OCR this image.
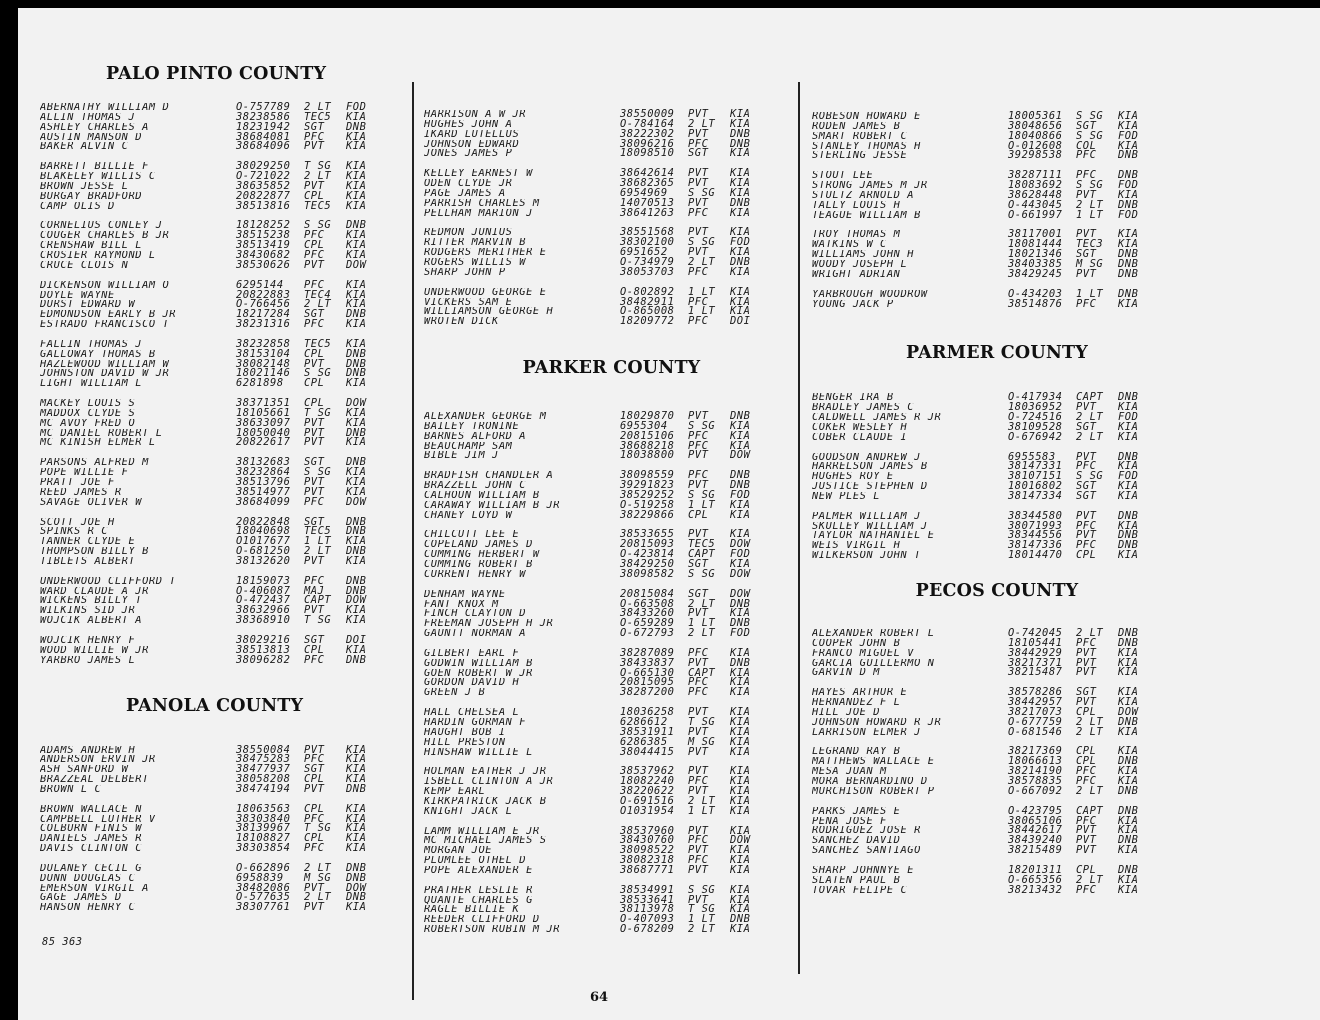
PALO PINTO COUNTY
ABERNATHY WILLIAM D	O-757789	2 LT	FOD
ALLIN THOMAS J	38238586	TEC5	KIA
ASHLEY CHARLES A	18231942	SGT	DNB
AUSTIN MANSON D	38684081	PFC	KIA
BAKER ALVIN C	38684096	PVT	KIA
BARRETT BILLIE F	38029250	T SG	KIA
BLAKELEY WILLIS C	O-721022	2 LT	KIA
BROWN JESSE L	38635852	PVT	KIA
BURGAY BRADFORD	20822877	CPL	KIA
CAMP OLIS D	38513816	TEC5	KIA
CORNELIUS CONLEY J	18128252	S SG	DNB
COUGER CHARLES B JR	38515238	PFC	KIA
CRENSHAW BILL L	38513419	CPL	KIA
CROSIER RAYMOND L	38430682	PFC	KIA
CRUCE CLOIS N	38530626	PVT	DOW
DICKENSON WILLIAM O	6295144	PFC	KIA
DOYLE WAYNE	20822883	TEC4	KIA
DURST EDWARD W	O-766456	2 LT	KIA
EDMONDSON EARLY B JR	18217284	SGT	DNB
ESTRADO FRANCISCO T	38231316	PFC	KIA
FALLIN THOMAS J	38232858	TEC5	KIA
GALLOWAY THOMAS B	38153104	CPL	DNB
HAZLEWOOD WILLIAM W	38082148	PVT	DNB
JOHNSTON DAVID W JR	18021146	S SG	DNB
LIGHT WILLIAM L	6281898	CPL	KIA
MACKEY LOUIS S	38371351	CPL	DOW
MADDOX CLYDE S	18105661	T SG	KIA
MC AVOY FRED O	38633097	PVT	KIA
MC DANIEL ROBERT L	18050040	PVT	DNB
MC KINISH ELMER L	20822617	PVT	KIA
PARSONS ALFRED M	38132683	SGT	DNB
POPE WILLIE F	38232864	S SG	KIA
PRATT JOE F	38513796	PVT	KIA
REED JAMES R	38514977	PVT	KIA
SAVAGE OLIVER W	38684099	PFC	DOW
SCOTT JOE H	20822848	SGT	DNB
SPINKS R C	18040698	TEC5	DNB
TANNER CLYDE E	O1017677	1 LT	KIA
THOMPSON BILLY B	O-681250	2 LT	DNB
TIBLETS ALBERT	38132620	PVT	KIA
UNDERWOOD CLIFFORD T	18159073	PFC	DNB
WARD CLAUDE A JR	O-406087	MAJ	DNB
WICKENS BILLY T	O-472437	CAPT	DOW
WILKINS SID JR	38632966	PVT	KIA
WOJCIK ALBERT A	38368910	T SG	KIA
WOJCIK HENRY F	38029216	SGT	DOI
WOOD WILLIE W JR	38513813	CPL	KIA
YARBRO JAMES L	38096282	PFC	DNB
PANOLA COUNTY
ADAMS ANDREW H	38550084	PVT	KIA
ANDERSON ERVIN JR	38475283	PFC	KIA
ASH SANFORD W	38477937	SGT	KIA
BRAZZEAL DELBERT	38058208	CPL	KIA
BROWN L C	38474194	PVT	DNB
BROWN WALLACE N	18063563	CPL	KIA
CAMPBELL LUTHER V	38303840	PFC	KIA
COLBURN FINIS W	38139967	T SG	KIA
DANIELS JAMES R	18108827	CPL	KIA
DAVIS CLINTON C	38303854	PFC	KIA
DULANEY CECIL G	O-662896	2 LT	DNB
DUNN DOUGLAS C	6958839	M SG	DNB
EMERSON VIRGIL A	38482086	PVT	DOW
GAGE JAMES D	O-577635	2 LT	DNB
HANSON HENRY C	38307761	PVT	KIA
HARRISON A W JR	38550009	PVT	KIA
HUGHES JOHN A	O-784164	2 LT	KIA
IKARD LUTELLUS	38222302	PVT	DNB
JOHNSON EDWARD	38096216	PFC	DNB
JONES JAMES P	18098510	SGT	KIA
KELLEY EARNEST W	38642614	PVT	KIA
ODEN CLYDE JR	38682365	PVT	KIA
PAGE JAMES A	6954969	S SG	KIA
PARRISH CHARLES M	14070513	PVT	DNB
PELLHAM MARION J	38641263	PFC	KIA
REDMON JUNIUS	38551568	PVT	KIA
RITTER MARVIN B	38302100	S SG	FOD
RODGERS MERITHER E	6951652	PVT	KIA
ROGERS WILLIS W	O-734979	2 LT	DNB
SHARP JOHN P	38053703	PFC	KIA
UNDERWOOD GEORGE E	O-802892	1 LT	KIA
VICKERS SAM E	38482911	PFC	KIA
WILLIAMSON GEORGE H	O-865008	1 LT	KIA
WROTEN DICK	18209772	PFC	DOI
PARKER COUNTY
ALEXANDER GEORGE M	18029870	PVT	DNB
BAILEY TRONINE	6955304	S SG	KIA
BARNES ALFORD A	20815106	PFC	KIA
BEAUCHAMP SAM	38688218	PFC	KIA
BIBLE JIM J	18038800	PVT	DOW
BRADFISH CHANDLER A	38098559	PFC	DNB
BRAZZELL JOHN C	39291823	PVT	DNB
CALHOUN WILLIAM B	38529252	S SG	FOD
CARAWAY WILLIAM B JR	O-519258	1 LT	KIA
CHANEY LOYD W	38229866	CPL	KIA
CHILCUTT LEE E	38533655	PVT	KIA
COPELAND JAMES D	20815093	TEC5	DOW
CUMMING HERBERT W	O-423814	CAPT	FOD
CUMMING ROBERT B	38429250	SGT	KIA
CURRENT HENRY W	38098582	S SG	DOW
DENHAM WAYNE	20815084	SGT	DOW
FANT KNOX M	O-663508	2 LT	DNB
FINCH CLAYTON D	38433260	PVT	KIA
FREEMAN JOSEPH H JR	O-659289	1 LT	DNB
GAUNTT NORMAN A	O-672793	2 LT	FOD
GILBERT EARL F	38287089	PFC	KIA
GODWIN WILLIAM B	38433837	PVT	DNB
GOEN ROBERT W JR	O-665130	CAPT	KIA
GORDON DAVID H	20815095	PFC	KIA
GREEN J B	38287200	PFC	KIA
HALL CHELSEA L	18036258	PVT	KIA
HARDIN GORMAN F	6286612	T SG	KIA
HAUGHT BOB I	38531911	PVT	KIA
HILL PRESTON	6286385	M SG	KIA
HINSHAW WILLIE L	38044415	PVT	KIA
HOLMAN EATHER J JR	38537962	PVT	KIA
ISBELL CLINTON A JR	18082240	PFC	KIA
KEMP EARL	38220622	PVT	KIA
KIRKPATRICK JACK B	O-691516	2 LT	KIA
KNIGHT JACK L	O1031954	1 LT	KIA
LAMM WILLIAM E JR	38537960	PVT	KIA
MC MICHAEL JAMES S	38430760	PFC	DOW
MORGAN JOE	38098522	PVT	KIA
PLUMLEE OTHEL D	38082318	PFC	KIA
POPE ALEXANDER E	38687771	PVT	KIA
PRATHER LESLIE R	38534991	S SG	KIA
QUANTE CHARLES G	38533641	PVT	KIA
RAGLE BILLIE K	38113978	T SG	KIA
REEDER CLIFFORD D	O-407093	1 LT	DNB
ROBERTSON RUBIN M JR	O-678209	2 LT	KIA
ROBESON HOWARD E	18005361	S SG	KIA
RODEN JAMES B	38048656	SGT	KIA
SMART ROBERT C	18040866	S SG	FOD
STANLEY THOMAS H	O-012608	COL	KIA
STERLING JESSE	39298538	PFC	DNB
STOUT LEE	38287111	PFC	DNB
STRONG JAMES M JR	18083692	S SG	FOD
STULTZ ARNOLD A	38628448	PVT	KIA
TALLY LOUIS H	O-443045	2 LT	DNB
TEAGUE WILLIAM B	O-661997	1 LT	FOD
TROY THOMAS M	38117001	PVT	KIA
WATKINS W C	18081444	TEC3	KIA
WILLIAMS JOHN H	18021346	SGT	DNB
WOODY JOSEPH L	38403385	M SG	DNB
WRIGHT ADRIAN	38429245	PVT	DNB
YARBROUGH WOODROW	O-434203	1 LT	DNB
YOUNG JACK P	38514876	PFC	KIA
PARMER COUNTY
BENGER IRA B	O-417934	CAPT	DNB
BRADLEY JAMES C	18036952	PVT	KIA
CALDWELL JAMES R JR	O-724516	2 LT	FOD
COKER WESLEY H	38109528	SGT	KIA
COBER CLAUDE I	O-676942	2 LT	KIA
GOODSON ANDREW J	6955583	PVT	DNB
HARRELSON JAMES B	38147331	PFC	KIA
HUGHES ROY E	38107151	S SG	FOD
JUSTICE STEPHEN D	18016802	SGT	KIA
NEW PLES L	38147334	SGT	KIA
PALMER WILLIAM J	38344580	PVT	DNB
SKULLEY WILLIAM J	38071993	PFC	KIA
TAYLOR NATHANIEL E	38344556	PVT	DNB
WEIS VIRGIL H	38147336	PFC	DNB
WILKERSON JOHN T	18014470	CPL	KIA
PECOS COUNTY
ALEXANDER ROBERT L	O-742045	2 LT	DNB
COOPER JOHN B	18105441	PFC	DNB
FRANCO MIGUEL V	38442929	PVT	KIA
GARCIA GUILLERMO N	38217371	PVT	KIA
GARVIN D M	38215487	PVT	KIA
HAYES ARTHUR E	38578286	SGT	KIA
HERNANDEZ F L	38442957	PVT	KIA
HILL JOE D	38217073	CPL	DOW
JOHNSON HOWARD R JR	O-677759	2 LT	DNB
LARRISON ELMER J	O-681546	2 LT	KIA
LEGRAND RAY B	38217369	CPL	KIA
MATTHEWS WALLACE E	18066613	CPL	DNB
MESA JUAN M	38214190	PFC	KIA
MORA BERNARDINO D	38578835	PFC	KIA
MURCHISON ROBERT P	O-667092	2 LT	DNB
PARKS JAMES E	O-423795	CAPT	DNB
PENA JOSE F	38065106	PFC	KIA
RODRIGUEZ JOSE R	38442617	PVT	KIA
SANCHEZ DAVID	38439240	PVT	DNB
SANCHEZ SANTIAGO	38215489	PVT	KIA
SHARP JOHNNYE E	18201311	CPL	DNB
SLATEN PAUL B	O-665356	2 LT	KIA
TOVAR FELIPE C	38213432	PFC	KIA
85 363
64
